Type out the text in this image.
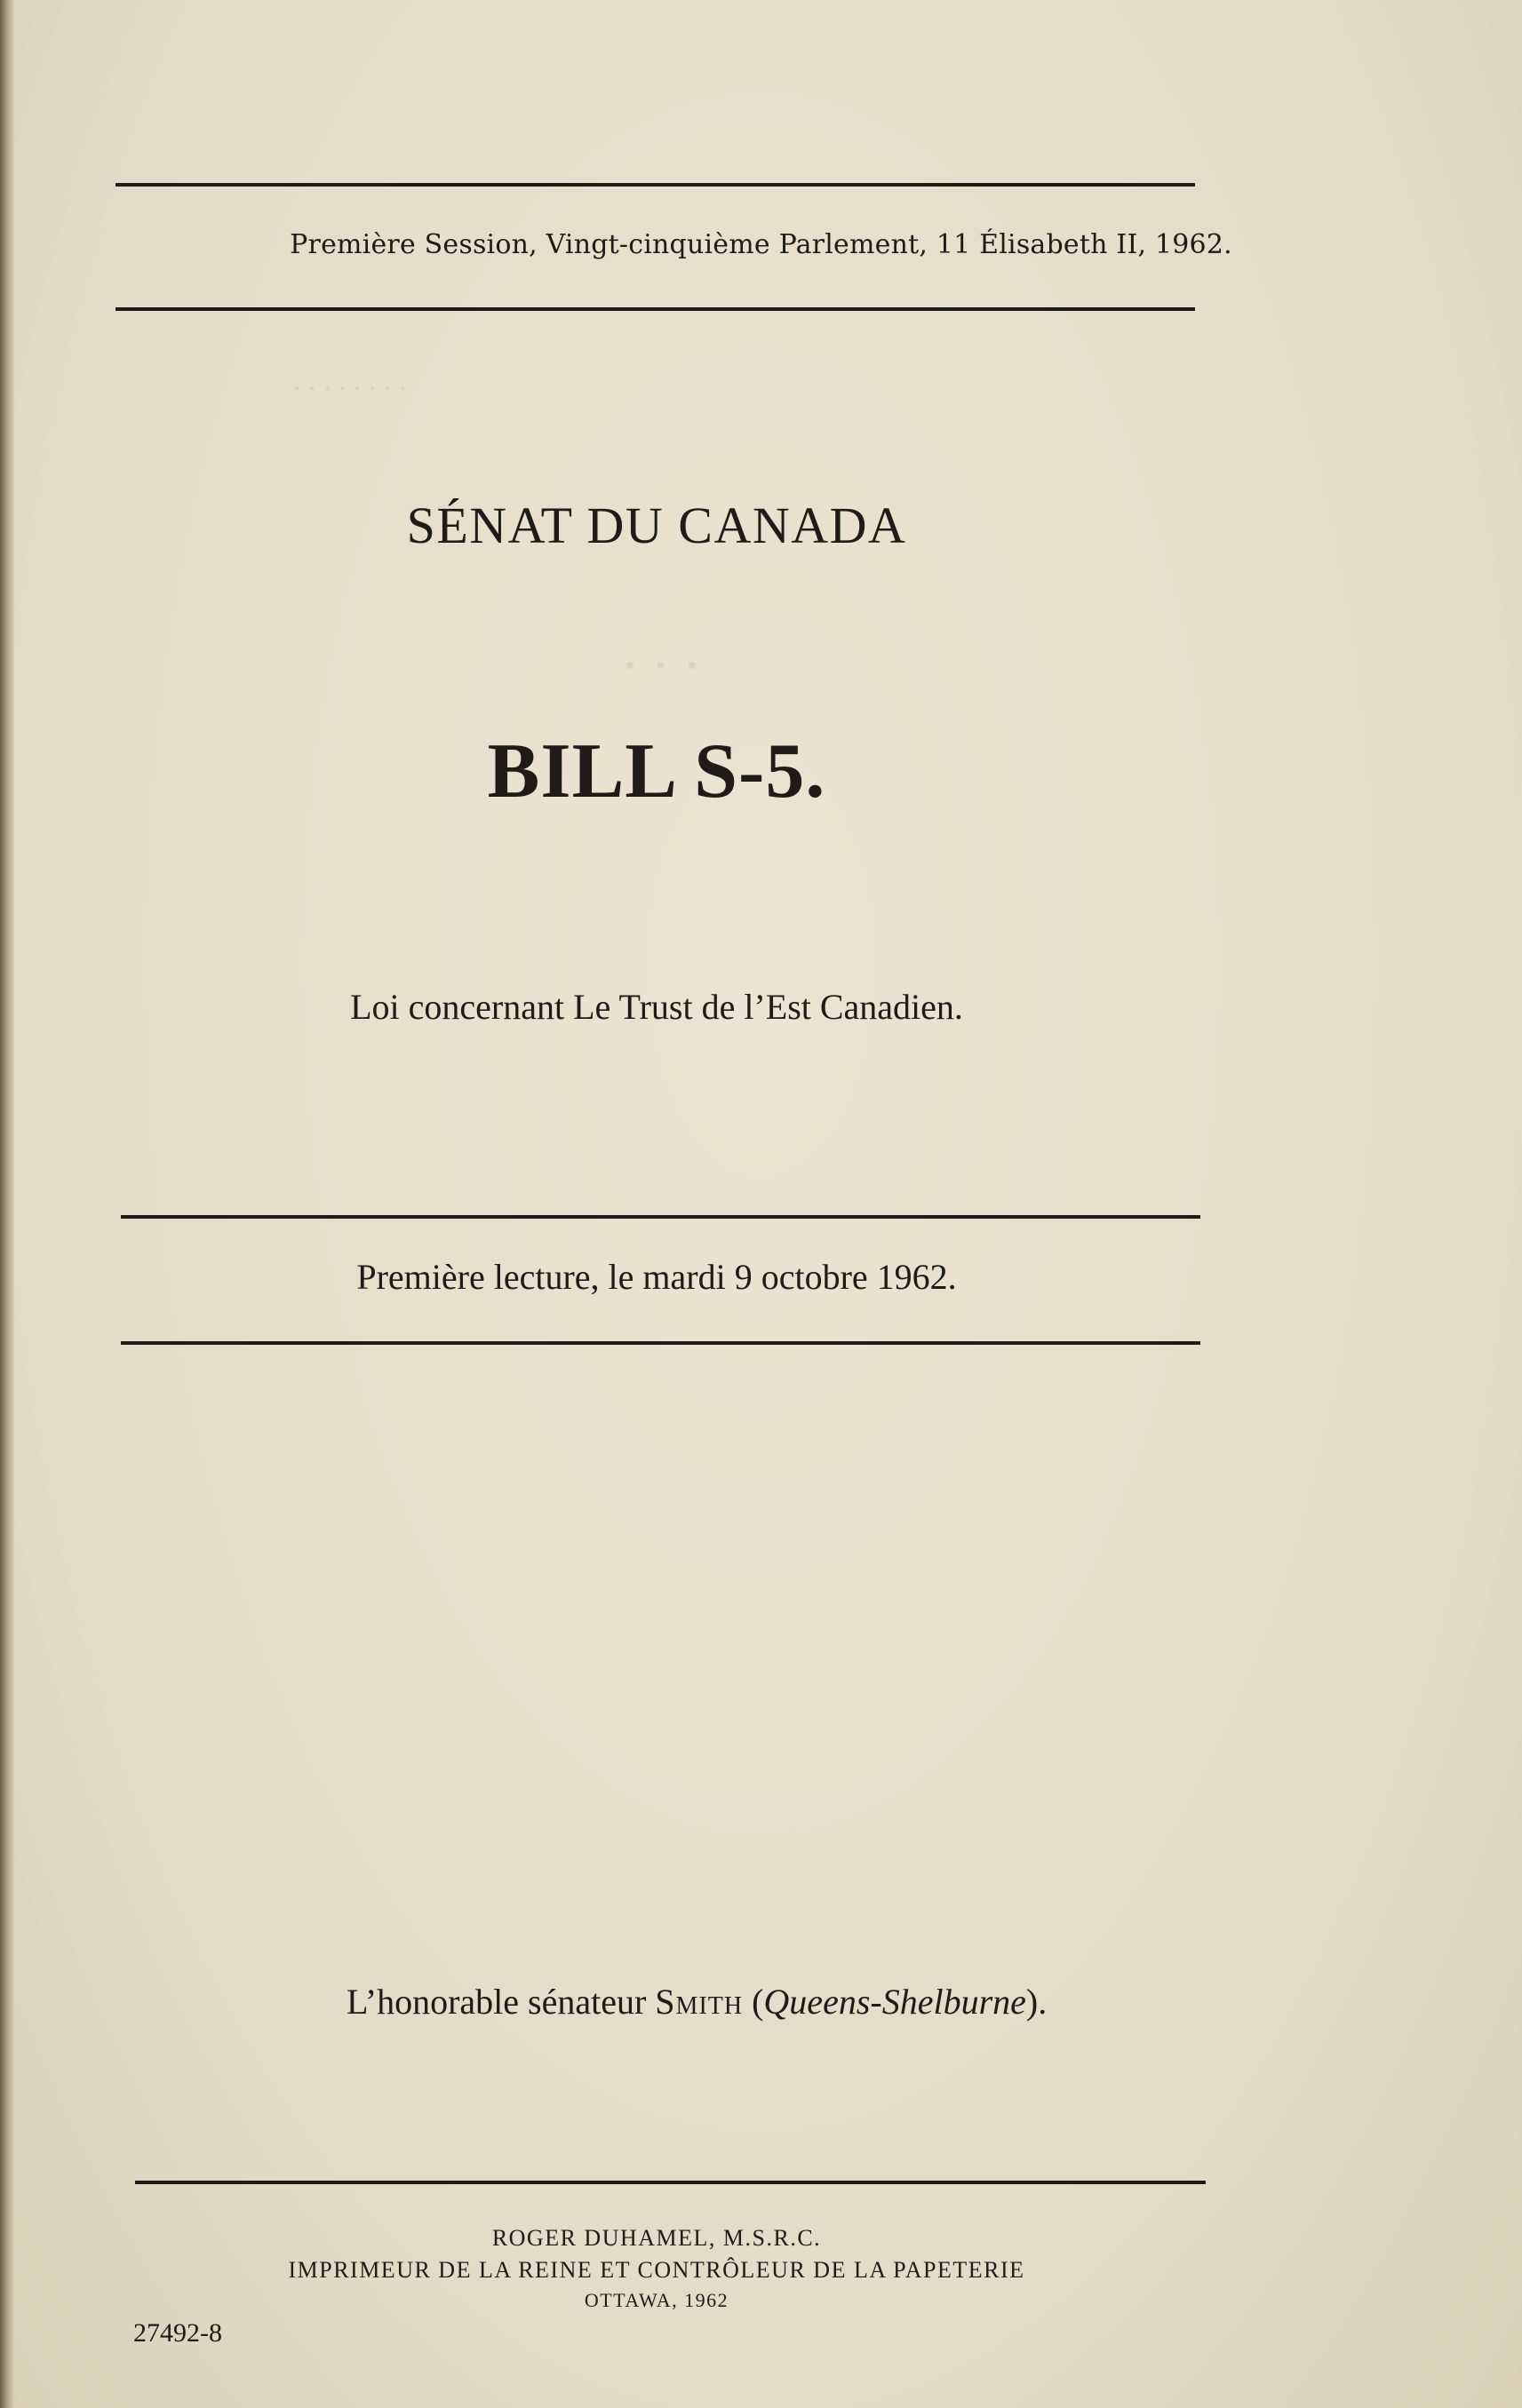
. . . . . . . .
. . .
Première Session, Vingt-cinquième Parlement, 11 Élisabeth II, 1962.
SÉNAT DU CANADA
BILL S-5.
Loi concernant Le Trust de l’Est Canadien.
Première lecture, le mardi 9 octobre 1962.
L’honorable sénateur Smith (Queens-Shelburne).
ROGER DUHAMEL, M.S.R.C.
IMPRIMEUR DE LA REINE ET CONTRÔLEUR DE LA PAPETERIE
OTTAWA, 1962
27492-8
